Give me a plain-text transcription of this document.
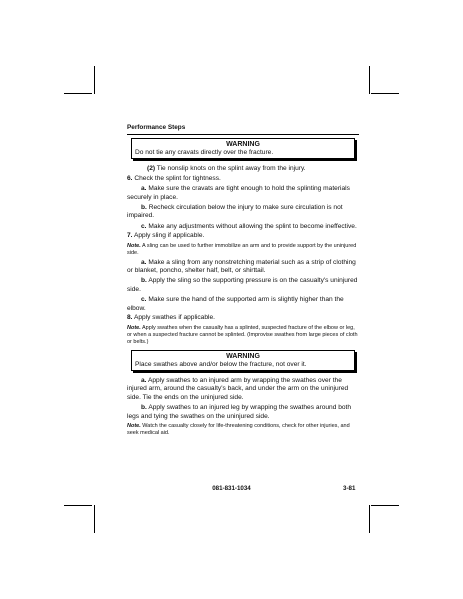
Performance Steps
WARNING
Do not tie any cravats directly over the fracture.

(2) Tie nonslip knots on the splint away from the injury.

6. Check the splint for tightness.

a. Make sure the cravats are tight enough to hold the splinting materials securely in place.

b. Recheck circulation below the injury to make sure circulation is not impaired.

c. Make any adjustments without allowing the splint to become ineffective.

7. Apply sling if applicable.

Note. A sling can be used to further immobilize an arm and to provide support by the uninjured side.

a. Make a sling from any nonstretching material such as a strip of clothing or blanket, poncho, shelter half, belt, or shirttail.

b. Apply the sling so the supporting pressure is on the casualty's uninjured side.

c. Make sure the hand of the supported arm is slightly higher than the elbow.

8. Apply swathes if applicable.

Note. Apply swathes when the casualty has a splinted, suspected fracture of the elbow or leg, or when a suspected fracture cannot be splinted. (Improvise swathes from large pieces of cloth or belts.)

WARNING
Place swathes above and/or below the fracture, not over it.

a. Apply swathes to an injured arm by wrapping the swathes over the injured arm, around the casualty's back, and under the arm on the uninjured side. Tie the ends on the uninjured side.

b. Apply swathes to an injured leg by wrapping the swathes around both legs and tying the swathes on the uninjured side.

Note. Watch the casualty closely for life-threatening conditions, check for other injuries, and seek medical aid.

081-831-1034	3-81
